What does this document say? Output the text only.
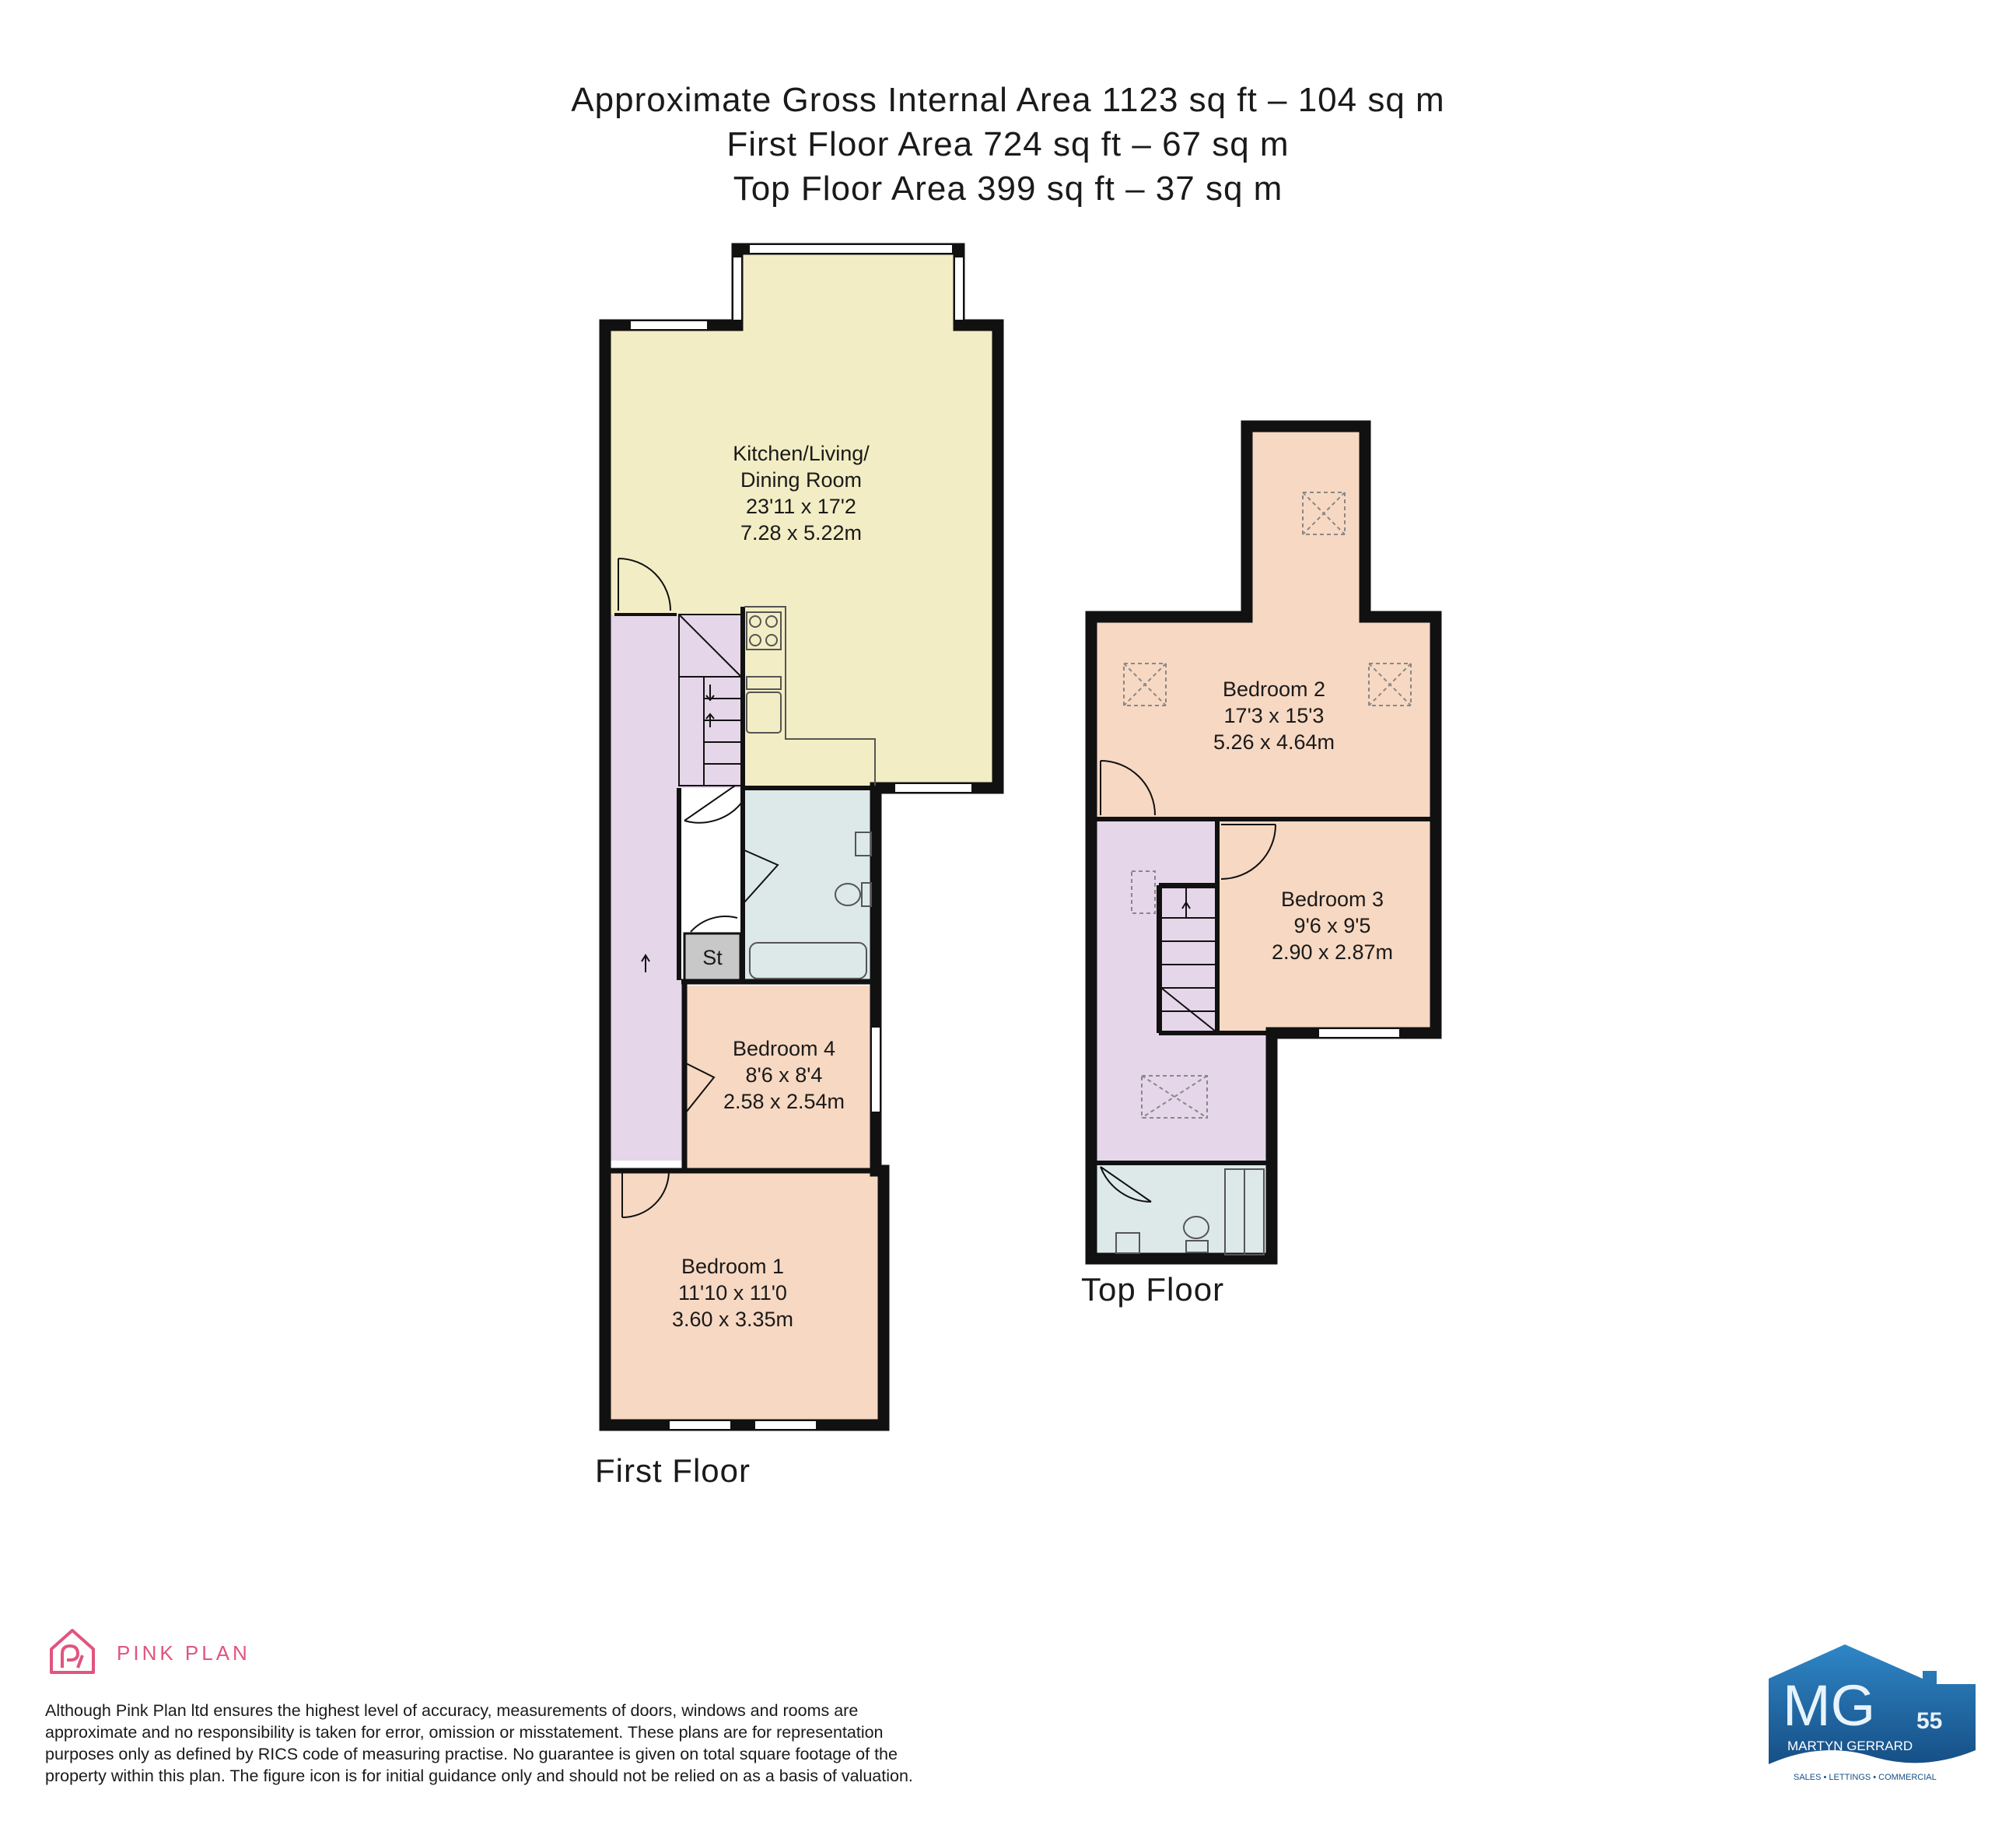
Approximate Gross Internal Area 1123 sq ft – 104 sq m
First Floor Area 724 sq ft – 67 sq m
Top Floor Area 399 sq ft – 37 sq m
Kitchen/Living/
Dining Room
23'11 x 17'2
7.28 x 5.22m
St
Bedroom 4
8'6 x 8'4
2.58 x 2.54m
Bedroom 1
11'10 x 11'0
3.60 x 3.35m
First Floor
Bedroom 2
17'3 x 15'3
5.26 x 4.64m
Bedroom 3
9'6 x 9'5
2.90 x 2.87m
Top Floor
PINK PLAN
Although Pink Plan ltd ensures the highest level of accuracy, measurements of doors, windows and rooms are
approximate and no responsibility is taken for error, omission or misstatement. These plans are for representation
purposes only as defined by RICS code of measuring practise. No guarantee is given on total square footage of the
property within this plan. The figure icon is for initial guidance only and should not be relied on as a basis of valuation.
MG 55
MARTYN GERRARD
SALES • LETTINGS • COMMERCIAL
